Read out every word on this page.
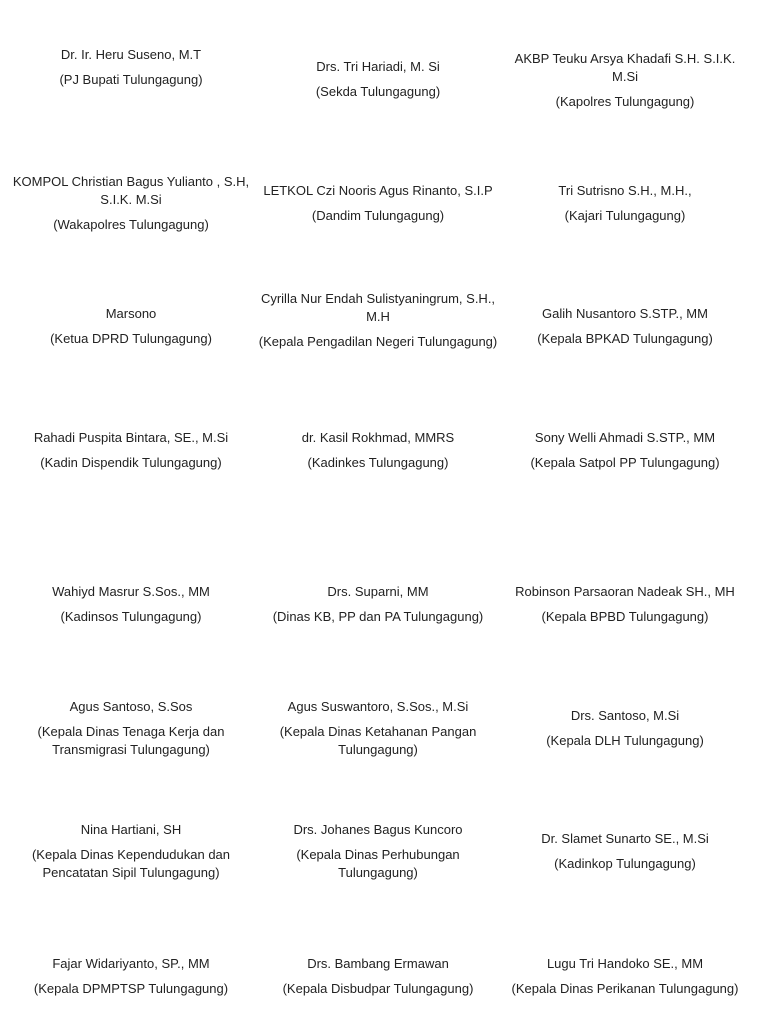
Dr. Ir. Heru Suseno, M.T
(PJ Bupati Tulungagung)
Drs. Tri Hariadi, M. Si
(Sekda Tulungagung)
AKBP Teuku Arsya Khadafi S.H. S.I.K. M.Si
(Kapolres Tulungagung)
KOMPOL Christian Bagus Yulianto , S.H, S.I.K. M.Si
(Wakapolres Tulungagung)
LETKOL Czi Nooris Agus Rinanto, S.I.P
(Dandim Tulungagung)
Tri Sutrisno S.H., M.H.,
(Kajari Tulungagung)
Marsono
(Ketua DPRD Tulungagung)
Cyrilla Nur Endah Sulistyaningrum, S.H., M.H
(Kepala Pengadilan Negeri Tulungagung)
Galih Nusantoro S.STP., MM
(Kepala BPKAD Tulungagung)
Rahadi Puspita Bintara, SE., M.Si
(Kadin Dispendik Tulungagung)
dr. Kasil Rokhmad, MMRS
(Kadinkes Tulungagung)
Sony Welli Ahmadi S.STP., MM
(Kepala Satpol PP Tulungagung)
Wahiyd Masrur S.Sos., MM
(Kadinsos Tulungagung)
Drs. Suparni, MM
(Dinas KB, PP dan PA Tulungagung)
Robinson Parsaoran Nadeak SH., MH
(Kepala BPBD Tulungagung)
Agus Santoso, S.Sos
(Kepala Dinas Tenaga Kerja dan Transmigrasi Tulungagung)
Agus Suswantoro, S.Sos., M.Si
(Kepala Dinas Ketahanan Pangan Tulungagung)
Drs. Santoso, M.Si
(Kepala DLH Tulungagung)
Nina Hartiani, SH
(Kepala Dinas Kependudukan dan Pencatatan Sipil Tulungagung)
Drs. Johanes Bagus Kuncoro
(Kepala Dinas Perhubungan Tulungagung)
Dr. Slamet Sunarto SE., M.Si
(Kadinkop Tulungagung)
Fajar Widariyanto, SP., MM
(Kepala DPMPTSP Tulungagung)
Drs. Bambang Ermawan
(Kepala Disbudpar Tulungagung)
Lugu Tri Handoko SE., MM
(Kepala Dinas Perikanan Tulungagung)
